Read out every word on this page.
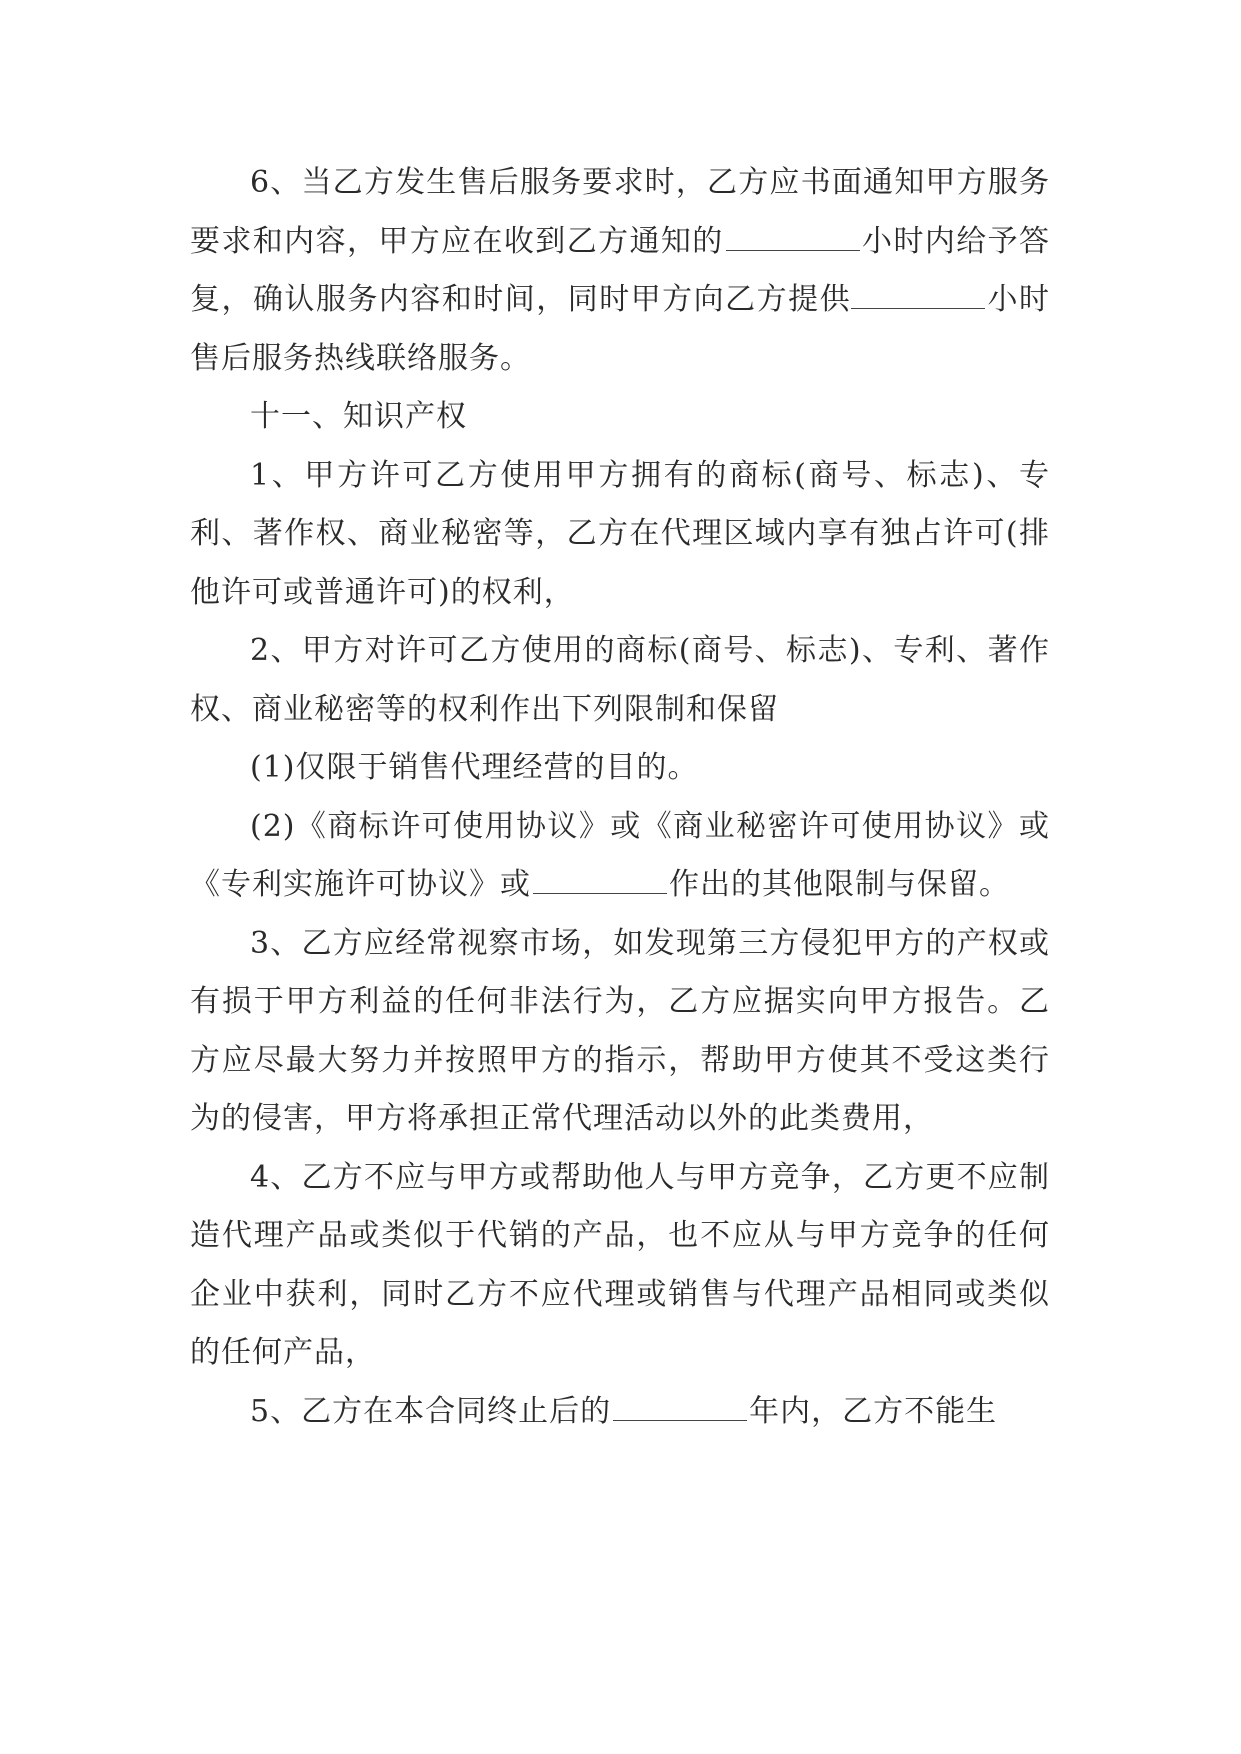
6、当乙方发生售后服务要求时，乙方应书面通知甲方服务要求和内容，甲方应在收到乙方通知的	小时内给予答复，确认服务内容和时间，同时甲方向乙方提供	小时售后服务热线联络服务。

十一、知识产权

1、甲方许可乙方使用甲方拥有的商标(商号、标志)、专利、著作权、商业秘密等，乙方在代理区域内享有独占许可(排他许可或普通许可)的权利，

2、甲方对许可乙方使用的商标(商号、标志)、专利、著作权、商业秘密等的权利作出下列限制和保留

(1)仅限于销售代理经营的目的。

(2)《商标许可使用协议》或《商业秘密许可使用协议》或《专利实施许可协议》或	作出的其他限制与保留。

3、乙方应经常视察市场，如发现第三方侵犯甲方的产权或有损于甲方利益的任何非法行为，乙方应据实向甲方报告。乙方应尽最大努力并按照甲方的指示，帮助甲方使其不受这类行为的侵害，甲方将承担正常代理活动以外的此类费用，

4、乙方不应与甲方或帮助他人与甲方竞争，乙方更不应制造代理产品或类似于代销的产品，也不应从与甲方竞争的任何企业中获利，同时乙方不应代理或销售与代理产品相同或类似的任何产品，

5、乙方在本合同终止后的	年内，乙方不能生
